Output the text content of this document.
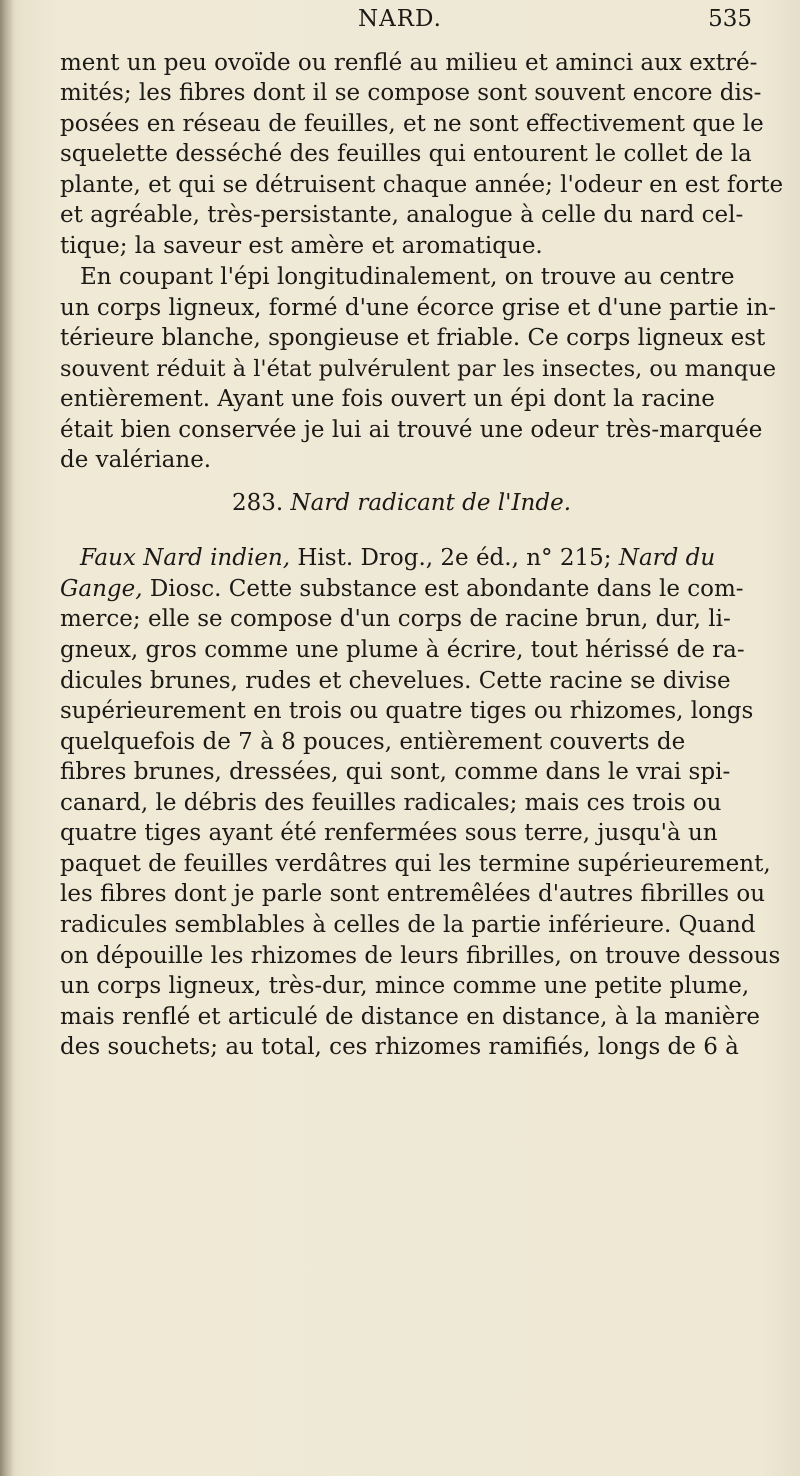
NARD.	535
ment un peu ovoïde ou renflé au milieu et aminci aux extré-
mités; les fibres dont il se compose sont souvent encore dis-
posées en réseau de feuilles, et ne sont effectivement que le
squelette desséché des feuilles qui entourent le collet de la
plante, et qui se détruisent chaque année; l'odeur en est forte
et agréable, très-persistante, analogue à celle du nard cel-
tique; la saveur est amère et aromatique.
En coupant l'épi longitudinalement, on trouve au centre
un corps ligneux, formé d'une écorce grise et d'une partie in-
térieure blanche, spongieuse et friable. Ce corps ligneux est
souvent réduit à l'état pulvérulent par les insectes, ou manque
entièrement. Ayant une fois ouvert un épi dont la racine
était bien conservée je lui ai trouvé une odeur très-marquée
de valériane.
283. Nard radicant de l'Inde.
Faux Nard indien, Hist. Drog., 2e éd., n° 215; Nard du
Gange, Diosc. Cette substance est abondante dans le com-
merce; elle se compose d'un corps de racine brun, dur, li-
gneux, gros comme une plume à écrire, tout hérissé de ra-
dicules brunes, rudes et chevelues. Cette racine se divise
supérieurement en trois ou quatre tiges ou rhizomes, longs
quelquefois de 7 à 8 pouces, entièrement couverts de
fibres brunes, dressées, qui sont, comme dans le vrai spi-
canard, le débris des feuilles radicales; mais ces trois ou
quatre tiges ayant été renfermées sous terre, jusqu'à un
paquet de feuilles verdâtres qui les termine supérieurement,
les fibres dont je parle sont entremêlées d'autres fibrilles ou
radicules semblables à celles de la partie inférieure. Quand
on dépouille les rhizomes de leurs fibrilles, on trouve dessous
un corps ligneux, très-dur, mince comme une petite plume,
mais renflé et articulé de distance en distance, à la manière
des souchets; au total, ces rhizomes ramifiés, longs de 6 à
